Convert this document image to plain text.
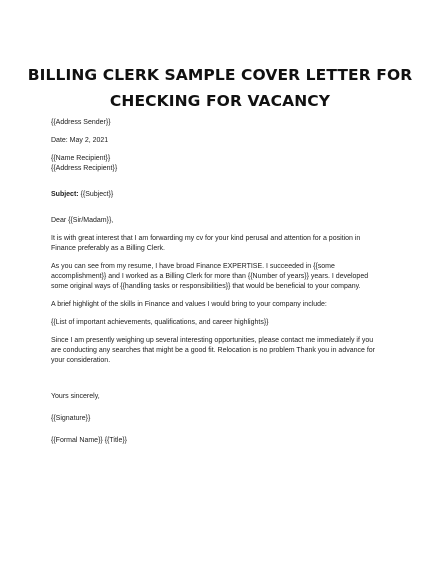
BILLING CLERK SAMPLE COVER LETTER FOR
CHECKING FOR VACANCY
{{Address Sender}}
Date: May 2, 2021
{{Name Recipient}}
{{Address Recipient}}
Subject: {{Subject}}
Dear {{Sir/Madam}},
It is with great interest that I am forwarding my cv for your kind perusal and attention for a position in
Finance preferably as a Billing Clerk.
As you can see from my resume, I have broad Finance EXPERTISE. I succeeded in {{some
accomplishment}} and I worked as a Billing Clerk for more than {{Number of years}} years. I developed
some original ways of {{handling tasks or responsibilities}} that would be beneficial to your company.
A brief highlight of the skills in Finance and values I would bring to your company include:
{{List of important achievements, qualifications, and career highlights}}
Since I am presently weighing up several interesting opportunities, please contact me immediately if you
are conducting any searches that might be a good fit. Relocation is no problem Thank you in advance for
your consideration.
Yours sincerely,
{{Signature}}
{{Formal Name}} {{Title}}
